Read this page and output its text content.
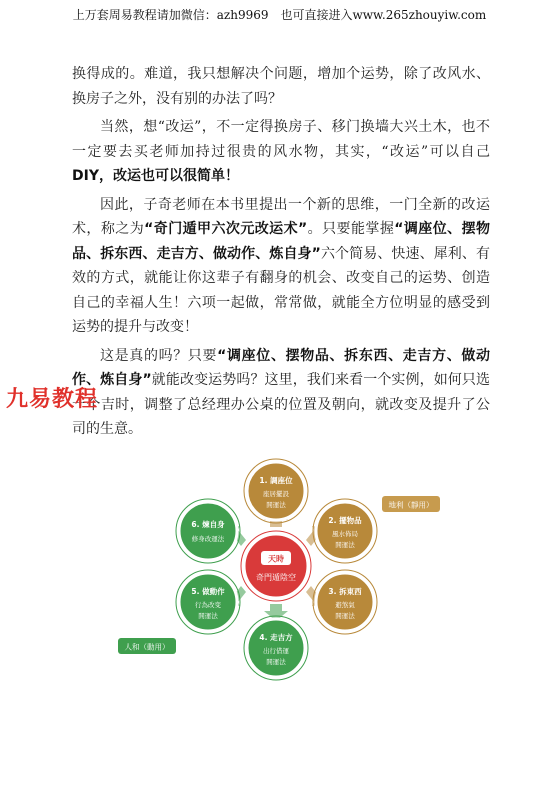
上万套周易教程请加微信：azh9969　也可直接进入www.265zhouyiw.com

换得成的。难道，我只想解决个问题，增加个运势，除了改风水、换房子之外，没有别的办法了吗？

当然，想“改运”，不一定得换房子、移门换墙大兴土木，也不一定要去买老师加持过很贵的风水物，其实，“改运”可以自己DIY，改运也可以很简单！

因此，子奇老师在本书里提出一个新的思维，一门全新的改运术，称之为“奇门遁甲六次元改运术”。只要能掌握“调座位、摆物品、拆东西、走吉方、做动作、炼自身”六个简易、快速、犀利、有效的方式，就能让你这辈子有翻身的机会、改变自己的运势、创造自己的幸福人生！六项一起做，常常做，就能全方位明显的感受到运势的提升与改变！

这是真的吗？只要“调座位、摆物品、拆东西、走吉方、做动作、炼自身”就能改变运势吗？这里，我们来看一个实例，如何只选一个吉时，调整了总经理办公桌的位置及朝向，就改变及提升了公司的生意。

九易教程
天時
奇門遁陰空
1. 調座位
座居擺設
開運法
2. 擺物品
風水佈局
開運法
3. 拆東西
避煞氣
開運法
4. 走吉方
出行借運
開運法
5. 做動作
行為改变
開運法
6. 煉自身
修身改運法
地利（靜用）
人和（動用）
